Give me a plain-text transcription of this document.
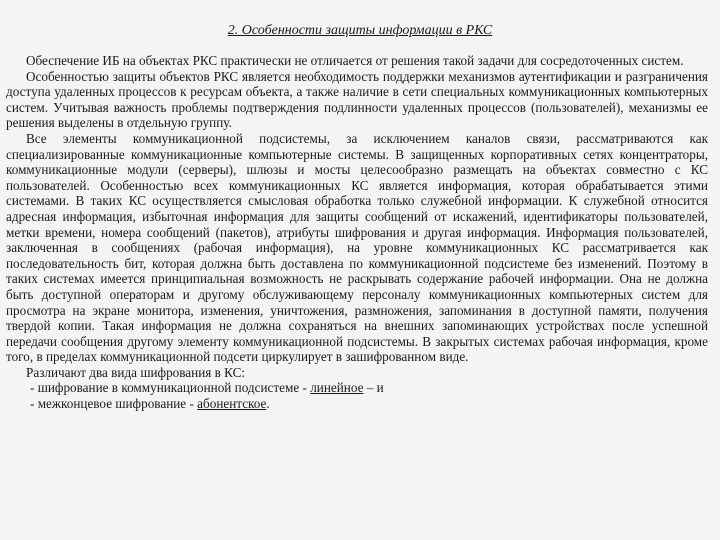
2. Особенности защиты информации в РКС

Обеспечение ИБ на объектах РКС практически не отличается от решения такой задачи для сосредоточенных систем.

Особенностью защиты объектов РКС является необходимость поддержки механизмов аутентификации и разграничения доступа удаленных процессов к ресурсам объекта, а также наличие в сети специальных коммуникационных компьютерных систем. Учитывая важность проблемы подтверждения подлинности удаленных процессов (пользователей), механизмы ее решения выделены в отдельную группу.

Все элементы коммуникационной подсистемы, за исключением каналов связи, рассматриваются как специализированные коммуникационные компьютерные системы. В защищенных корпоративных сетях концентраторы, коммуникационные модули (серверы), шлюзы и мосты целесообразно размещать на объектах совместно с КС пользователей. Особенностью всех коммуникационных КС является информация, которая обрабатывается этими системами. В таких КС осуществляется смысловая обработка только служебной информации. К служебной относится адресная информация, избыточная информация для защиты сообщений от искажений, идентификаторы пользователей, метки времени, номера сообщений (пакетов), атрибуты шифрования и другая информация. Информация пользователей, заключенная в сообщениях (рабочая информация), на уровне коммуникационных КС рассматривается как последовательность бит, которая должна быть доставлена по коммуникационной подсистеме без изменений. Поэтому в таких системах имеется принципиальная возможность не раскрывать содержание рабочей информации. Она не должна быть доступной операторам и другому обслуживающему персоналу коммуникационных компьютерных систем для просмотра на экране монитора, изменения, уничтожения, размножения, запоминания в доступной памяти, получения твердой копии. Такая информация не должна сохраняться на внешних запоминающих устройствах после успешной передачи сообщения другому элементу коммуникационной подсистемы. В закрытых системах рабочая информация, кроме того, в пределах коммуникационной подсети циркулирует в зашифрованном виде.

Различают два вида шифрования в КС:

- шифрование в коммуникационной подсистеме - линейное – и

- межконцевое шифрование - абонентское.
